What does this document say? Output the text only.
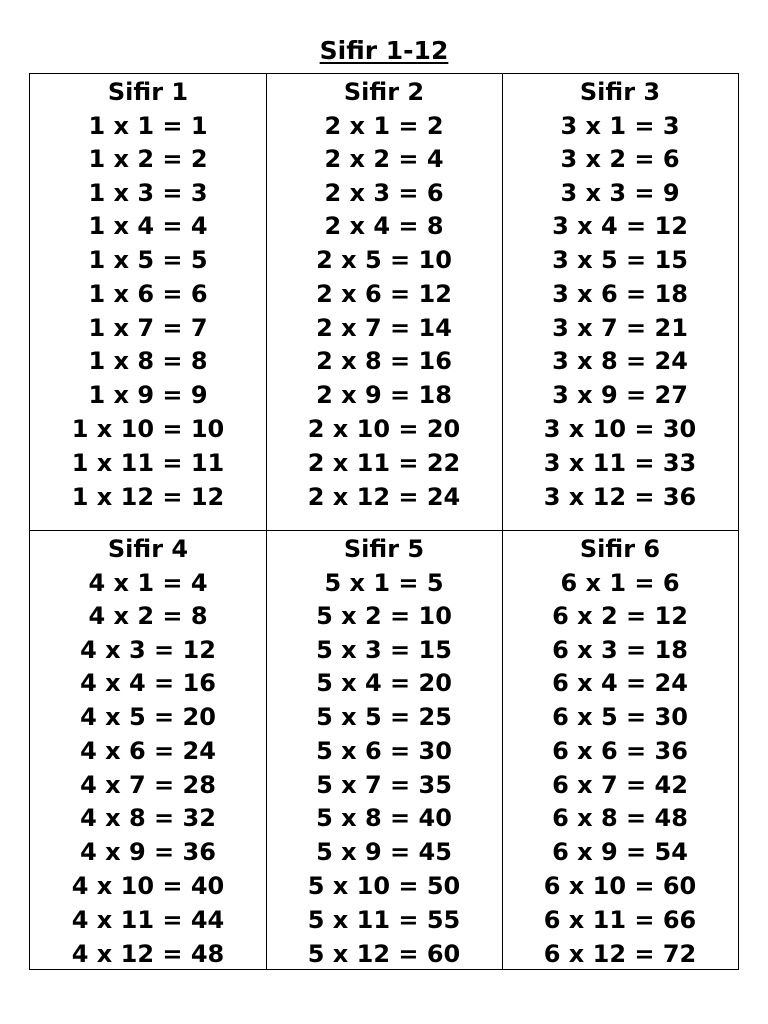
Sifir 1-12
Sifir 1
1 x 1 = 1
1 x 2 = 2
1 x 3 = 3
1 x 4 = 4
1 x 5 = 5
1 x 6 = 6
1 x 7 = 7
1 x 8 = 8
1 x 9 = 9
1 x 10 = 10
1 x 11 = 11
1 x 12 = 12
Sifir 2
2 x 1 = 2
2 x 2 = 4
2 x 3 = 6
2 x 4 = 8
2 x 5 = 10
2 x 6 = 12
2 x 7 = 14
2 x 8 = 16
2 x 9 = 18
2 x 10 = 20
2 x 11 = 22
2 x 12 = 24
Sifir 3
3 x 1 = 3
3 x 2 = 6
3 x 3 = 9
3 x 4 = 12
3 x 5 = 15
3 x 6 = 18
3 x 7 = 21
3 x 8 = 24
3 x 9 = 27
3 x 10 = 30
3 x 11 = 33
3 x 12 = 36
Sifir 4
4 x 1 = 4
4 x 2 = 8
4 x 3 = 12
4 x 4 = 16
4 x 5 = 20
4 x 6 = 24
4 x 7 = 28
4 x 8 = 32
4 x 9 = 36
4 x 10 = 40
4 x 11 = 44
4 x 12 = 48
Sifir 5
5 x 1 = 5
5 x 2 = 10
5 x 3 = 15
5 x 4 = 20
5 x 5 = 25
5 x 6 = 30
5 x 7 = 35
5 x 8 = 40
5 x 9 = 45
5 x 10 = 50
5 x 11 = 55
5 x 12 = 60
Sifir 6
6 x 1 = 6
6 x 2 = 12
6 x 3 = 18
6 x 4 = 24
6 x 5 = 30
6 x 6 = 36
6 x 7 = 42
6 x 8 = 48
6 x 9 = 54
6 x 10 = 60
6 x 11 = 66
6 x 12 = 72
